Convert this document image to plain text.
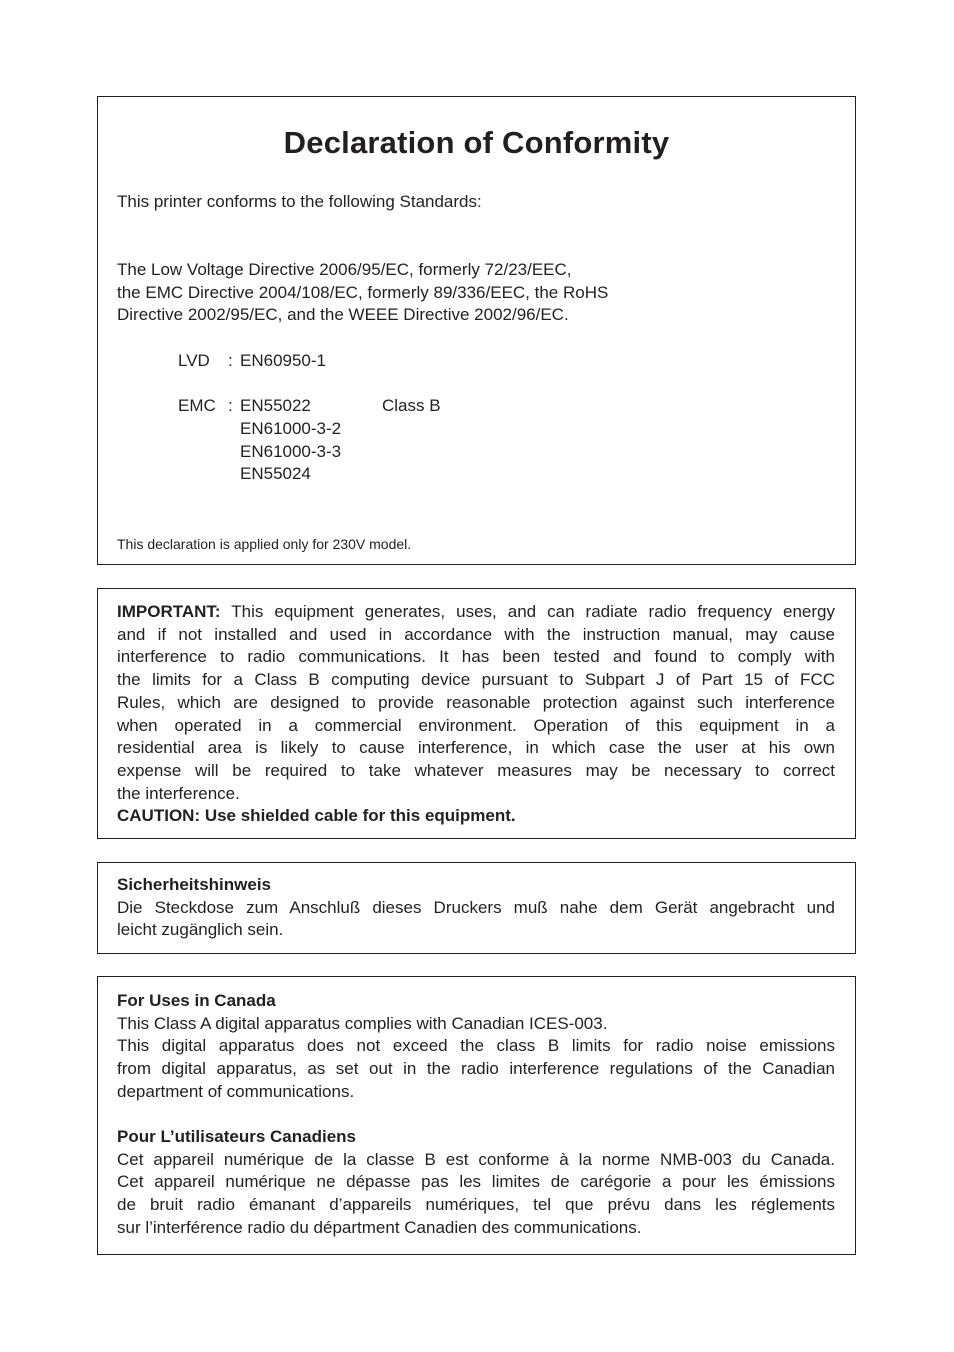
Declaration of Conformity

This printer conforms to the following Standards:

The Low Voltage Directive 2006/95/EC, formerly 72/23/EEC,

the EMC Directive 2004/108/EC, formerly 89/336/EEC, the RoHS

Directive 2002/95/EC, and the WEEE Directive 2002/96/EC.

LVD : EN60950-1
EMC : EN55022	Class B
EN61000-3-2
EN61000-3-3
EN55024

This declaration is applied only for 230V model.

IMPORTANT: This equipment generates, uses, and can radiate radio frequency energy

and if not installed and used in accordance with the instruction manual, may cause

interference to radio communications. It has been tested and found to comply with

the limits for a Class B computing device pursuant to Subpart J of Part 15 of FCC

Rules, which are designed to provide reasonable protection against such interference

when operated in a commercial environment. Operation of this equipment in a

residential area is likely to cause interference, in which case the user at his own

expense will be required to take whatever measures may be necessary to correct

the interference.

CAUTION: Use shielded cable for this equipment.

Sicherheitshinweis

Die Steckdose zum Anschluß dieses Druckers muß nahe dem Gerät angebracht und

leicht zugänglich sein.

For Uses in Canada

This Class A digital apparatus complies with Canadian ICES-003.

This digital apparatus does not exceed the class B limits for radio noise emissions

from digital apparatus, as set out in the radio interference regulations of the Canadian

department of communications.

Pour L’utilisateurs Canadiens

Cet appareil numérique de la classe B est conforme à la norme NMB-003 du Canada.

Cet appareil numérique ne dépasse pas les limites de carégorie a pour les émissions

de bruit radio émanant d’appareils numériques, tel que prévu dans les réglements

sur l’interférence radio du départment Canadien des communications.
